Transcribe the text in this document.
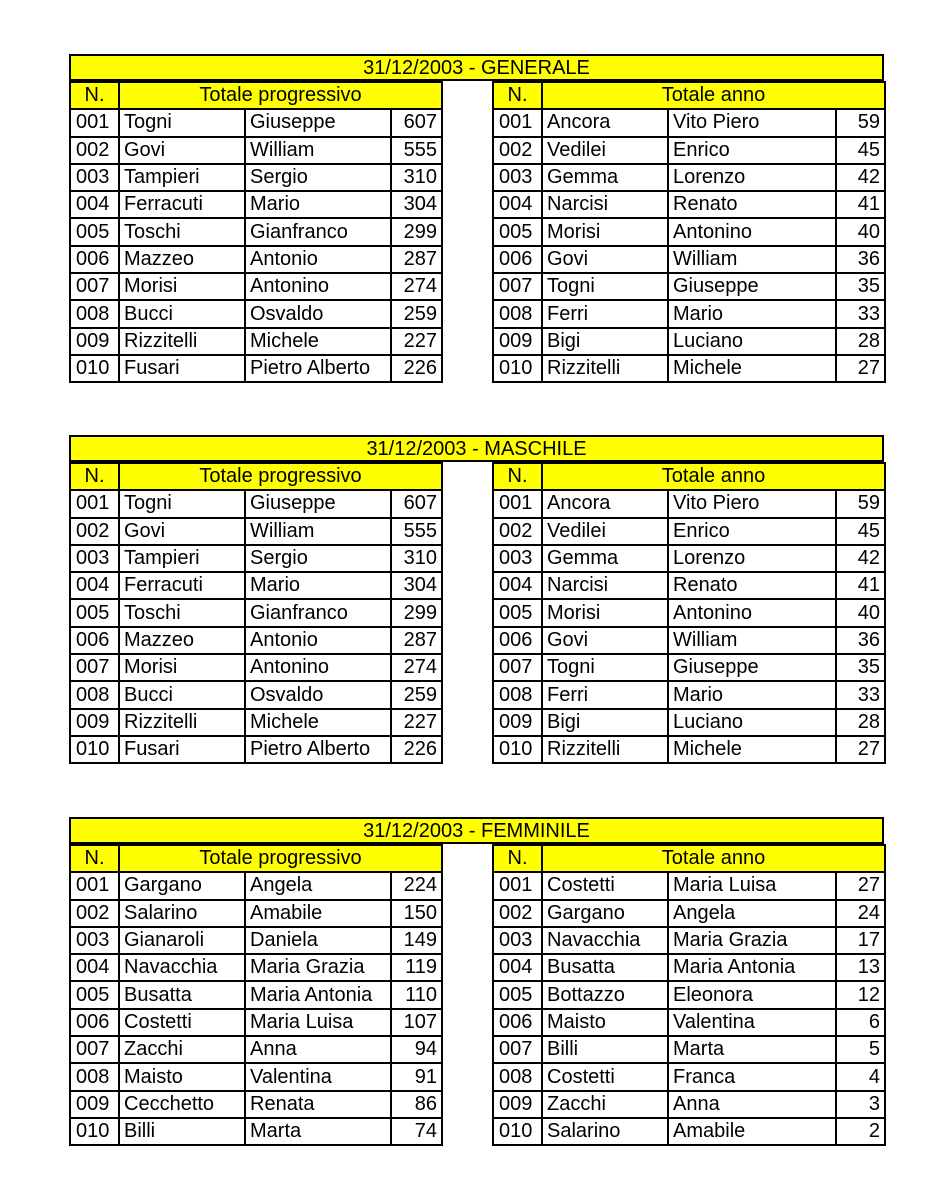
31/12/2003 - GENERALE
N.	Totale progressivo		
001	Togni	Giuseppe	607
002	Govi	William	555
003	Tampieri	Sergio	310
004	Ferracuti	Mario	304
005	Toschi	Gianfranco	299
006	Mazzeo	Antonio	287
007	Morisi	Antonino	274
008	Bucci	Osvaldo	259
009	Rizzitelli	Michele	227
010	Fusari	Pietro Alberto	226
N.	Totale anno		
001	Ancora	Vito Piero	59
002	Vedilei	Enrico	45
003	Gemma	Lorenzo	42
004	Narcisi	Renato	41
005	Morisi	Antonino	40
006	Govi	William	36
007	Togni	Giuseppe	35
008	Ferri	Mario	33
009	Bigi	Luciano	28
010	Rizzitelli	Michele	27
31/12/2003 - MASCHILE
N.	Totale progressivo		
001	Togni	Giuseppe	607
002	Govi	William	555
003	Tampieri	Sergio	310
004	Ferracuti	Mario	304
005	Toschi	Gianfranco	299
006	Mazzeo	Antonio	287
007	Morisi	Antonino	274
008	Bucci	Osvaldo	259
009	Rizzitelli	Michele	227
010	Fusari	Pietro Alberto	226
N.	Totale anno		
001	Ancora	Vito Piero	59
002	Vedilei	Enrico	45
003	Gemma	Lorenzo	42
004	Narcisi	Renato	41
005	Morisi	Antonino	40
006	Govi	William	36
007	Togni	Giuseppe	35
008	Ferri	Mario	33
009	Bigi	Luciano	28
010	Rizzitelli	Michele	27
31/12/2003 - FEMMINILE
N.	Totale progressivo		
001	Gargano	Angela	224
002	Salarino	Amabile	150
003	Gianaroli	Daniela	149
004	Navacchia	Maria Grazia	119
005	Busatta	Maria Antonia	110
006	Costetti	Maria Luisa	107
007	Zacchi	Anna	94
008	Maisto	Valentina	91
009	Cecchetto	Renata	86
010	Billi	Marta	74
N.	Totale anno		
001	Costetti	Maria Luisa	27
002	Gargano	Angela	24
003	Navacchia	Maria Grazia	17
004	Busatta	Maria Antonia	13
005	Bottazzo	Eleonora	12
006	Maisto	Valentina	6
007	Billi	Marta	5
008	Costetti	Franca	4
009	Zacchi	Anna	3
010	Salarino	Amabile	2
